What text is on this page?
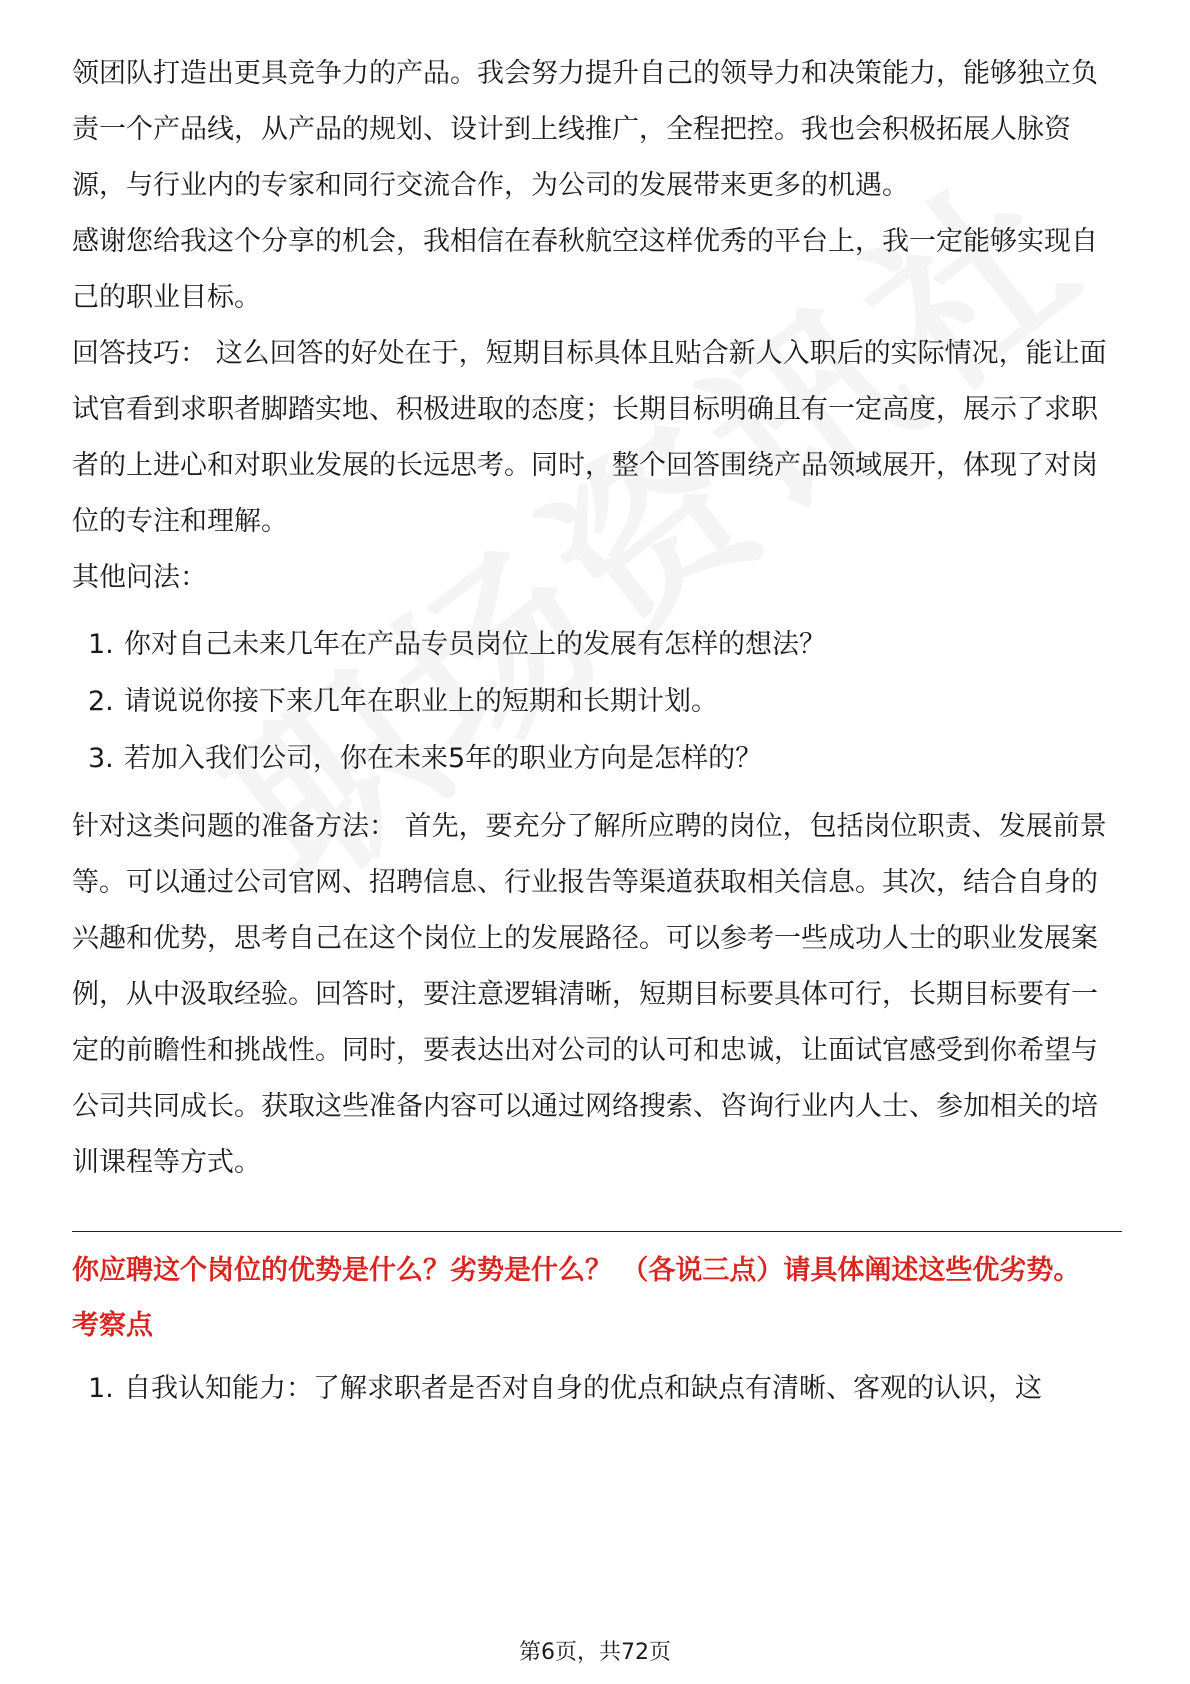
领团队打造出更具竞争力的产品。我会努力提升自己的领导力和决策能力，能够独立负责一个产品线，从产品的规划、设计到上线推广，全程把控。我也会积极拓展人脉资源，与行业内的专家和同行交流合作，为公司的发展带来更多的机遇。

感谢您给我这个分享的机会，我相信在春秋航空这样优秀的平台上，我一定能够实现自己的职业目标。

回答技巧： 这么回答的好处在于，短期目标具体且贴合新人入职后的实际情况，能让面试官看到求职者脚踏实地、积极进取的态度；长期目标明确且有一定高度，展示了求职者的上进心和对职业发展的长远思考。同时，整个回答围绕产品领域展开，体现了对岗位的专注和理解。

其他问法：

1. 你对自己未来几年在产品专员岗位上的发展有怎样的想法？
2. 请说说你接下来几年在职业上的短期和长期计划。
3. 若加入我们公司，你在未来5年的职业方向是怎样的？

针对这类问题的准备方法： 首先，要充分了解所应聘的岗位，包括岗位职责、发展前景等。可以通过公司官网、招聘信息、行业报告等渠道获取相关信息。其次，结合自身的兴趣和优势，思考自己在这个岗位上的发展路径。可以参考一些成功人士的职业发展案例，从中汲取经验。回答时，要注意逻辑清晰，短期目标要具体可行，长期目标要有一定的前瞻性和挑战性。同时，要表达出对公司的认可和忠诚，让面试官感受到你希望与公司共同成长。获取这些准备内容可以通过网络搜索、咨询行业内人士、参加相关的培训课程等方式。

你应聘这个岗位的优势是什么？劣势是什么？ （各说三点）请具体阐述这些优劣势。

考察点

1. 自我认知能力：了解求职者是否对自身的优点和缺点有清晰、客观的认识，这
第6页，共72页
